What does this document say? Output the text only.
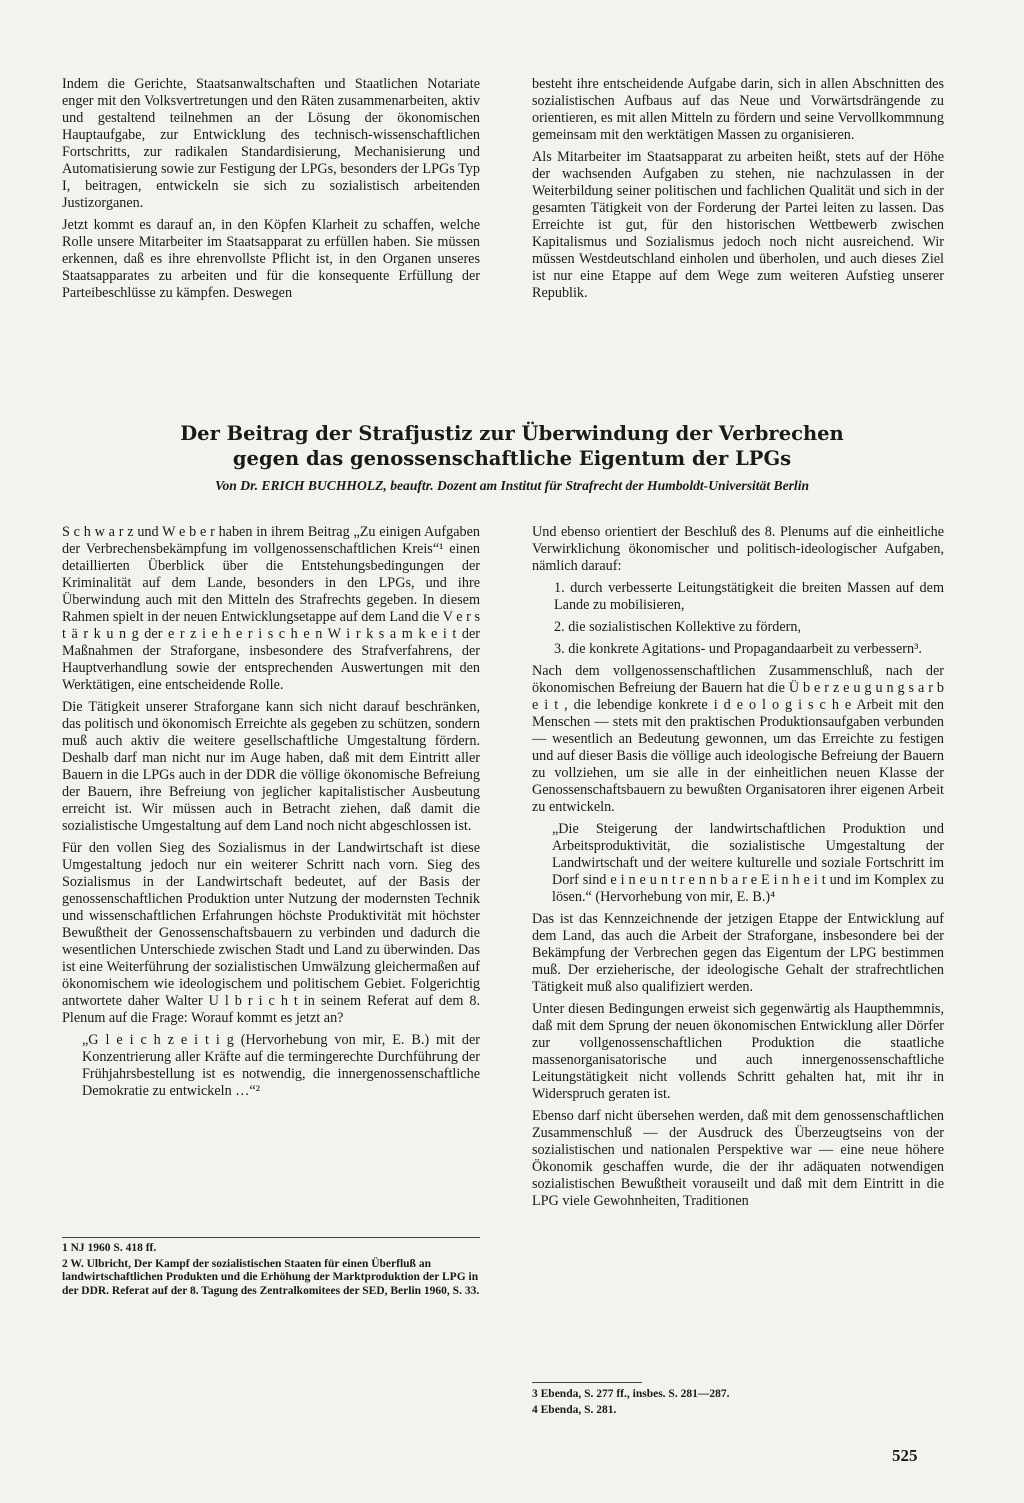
Indem die Gerichte, Staatsanwaltschaften und Staatlichen Notariate enger mit den Volksvertretungen und den Räten zusammenarbeiten, aktiv und gestaltend teilnehmen an der Lösung der ökonomischen Hauptaufgabe, zur Entwicklung des technisch-wissenschaftlichen Fortschritts, zur radikalen Standardisierung, Mechanisierung und Automatisierung sowie zur Festigung der LPGs, besonders der LPGs Typ I, beitragen, entwickeln sie sich zu sozialistisch arbeitenden Justizorganen.

Jetzt kommt es darauf an, in den Köpfen Klarheit zu schaffen, welche Rolle unsere Mitarbeiter im Staatsapparat zu erfüllen haben. Sie müssen erkennen, daß es ihre ehrenvollste Pflicht ist, in den Organen unseres Staatsapparates zu arbeiten und für die konsequente Erfüllung der Parteibeschlüsse zu kämpfen. Deswegen

besteht ihre entscheidende Aufgabe darin, sich in allen Abschnitten des sozialistischen Aufbaus auf das Neue und Vorwärtsdrängende zu orientieren, es mit allen Mitteln zu fördern und seine Vervollkommnung gemeinsam mit den werktätigen Massen zu organisieren.

Als Mitarbeiter im Staatsapparat zu arbeiten heißt, stets auf der Höhe der wachsenden Aufgaben zu stehen, nie nachzulassen in der Weiterbildung seiner politischen und fachlichen Qualität und sich in der gesamten Tätigkeit von der Forderung der Partei leiten zu lassen. Das Erreichte ist gut, für den historischen Wettbewerb zwischen Kapitalismus und Sozialismus jedoch noch nicht ausreichend. Wir müssen Westdeutschland einholen und überholen, und auch dieses Ziel ist nur eine Etappe auf dem Wege zum weiteren Aufstieg unserer Republik.

Der Beitrag der Strafjustiz zur Überwindung der Verbrechen

gegen das genossenschaftliche Eigentum der LPGs

Von Dr. ERICH BUCHHOLZ, beauftr. Dozent am Institut für Strafrecht der Humboldt-Universität Berlin

S c h w a r z und W e b e r haben in ihrem Beitrag „Zu einigen Aufgaben der Verbrechensbekämpfung im vollgenossenschaftlichen Kreis“¹ einen detaillierten Überblick über die Entstehungsbedingungen der Kriminalität auf dem Lande, besonders in den LPGs, und ihre Überwindung auch mit den Mitteln des Strafrechts gegeben. In diesem Rahmen spielt in der neuen Entwicklungsetappe auf dem Land die V e r s t ä r k u n g der e r z i e h e r i s c h e n W i r k s a m k e i t der Maßnahmen der Straforgane, insbesondere des Strafverfahrens, der Hauptverhandlung sowie der entsprechenden Auswertungen mit den Werktätigen, eine entscheidende Rolle.

Die Tätigkeit unserer Straforgane kann sich nicht darauf beschränken, das politisch und ökonomisch Erreichte als gegeben zu schützen, sondern muß auch aktiv die weitere gesellschaftliche Umgestaltung fördern. Deshalb darf man nicht nur im Auge haben, daß mit dem Eintritt aller Bauern in die LPGs auch in der DDR die völlige ökonomische Befreiung der Bauern, ihre Befreiung von jeglicher kapitalistischer Ausbeutung erreicht ist. Wir müssen auch in Betracht ziehen, daß damit die sozialistische Umgestaltung auf dem Land noch nicht abgeschlossen ist.

Für den vollen Sieg des Sozialismus in der Landwirtschaft ist diese Umgestaltung jedoch nur ein weiterer Schritt nach vorn. Sieg des Sozialismus in der Landwirtschaft bedeutet, auf der Basis der genossenschaftlichen Produktion unter Nutzung der modernsten Technik und wissenschaftlichen Erfahrungen höchste Produktivität mit höchster Bewußtheit der Genossenschaftsbauern zu verbinden und dadurch die wesentlichen Unterschiede zwischen Stadt und Land zu überwinden. Das ist eine Weiterführung der sozialistischen Umwälzung gleichermaßen auf ökonomischem wie ideologischem und politischem Gebiet. Folgerichtig antwortete daher Walter U l b r i c h t in seinem Referat auf dem 8. Plenum auf die Frage: Worauf kommt es jetzt an?

„G l e i c h z e i t i g (Hervorhebung von mir, E. B.) mit der Konzentrierung aller Kräfte auf die termingerechte Durchführung der Frühjahrsbestellung ist es notwendig, die innergenossenschaftliche Demokratie zu entwickeln …“²

Und ebenso orientiert der Beschluß des 8. Plenums auf die einheitliche Verwirklichung ökonomischer und politisch-ideologischer Aufgaben, nämlich darauf:

1. durch verbesserte Leitungstätigkeit die breiten Massen auf dem Lande zu mobilisieren,

2. die sozialistischen Kollektive zu fördern,

3. die konkrete Agitations- und Propagandaarbeit zu verbessern³.

Nach dem vollgenossenschaftlichen Zusammenschluß, nach der ökonomischen Befreiung der Bauern hat die Ü b e r z e u g u n g s a r b e i t , die lebendige konkrete i d e o l o g i s c h e Arbeit mit den Menschen — stets mit den praktischen Produktionsaufgaben verbunden — wesentlich an Bedeutung gewonnen, um das Erreichte zu festigen und auf dieser Basis die völlige auch ideologische Befreiung der Bauern zu vollziehen, um sie alle in der einheitlichen neuen Klasse der Genossenschaftsbauern zu bewußten Organisatoren ihrer eigenen Arbeit zu entwickeln.

„Die Steigerung der landwirtschaftlichen Produktion und Arbeitsproduktivität, die sozialistische Umgestaltung der Landwirtschaft und der weitere kulturelle und soziale Fortschritt im Dorf sind e i n e u n t r e n n b a r e E i n h e i t und im Komplex zu lösen.“ (Hervorhebung von mir, E. B.)⁴

Das ist das Kennzeichnende der jetzigen Etappe der Entwicklung auf dem Land, das auch die Arbeit der Straforgane, insbesondere bei der Bekämpfung der Verbrechen gegen das Eigentum der LPG bestimmen muß. Der erzieherische, der ideologische Gehalt der strafrechtlichen Tätigkeit muß also qualifiziert werden.

Unter diesen Bedingungen erweist sich gegenwärtig als Haupthemmnis, daß mit dem Sprung der neuen ökonomischen Entwicklung aller Dörfer zur vollgenossenschaftlichen Produktion die staatliche massenorganisatorische und auch innergenossenschaftliche Leitungstätigkeit nicht vollends Schritt gehalten hat, mit ihr in Widerspruch geraten ist.

Ebenso darf nicht übersehen werden, daß mit dem genossenschaftlichen Zusammenschluß — der Ausdruck des Überzeugtseins von der sozialistischen und nationalen Perspektive war — eine neue höhere Ökonomik geschaffen wurde, die der ihr adäquaten notwendigen sozialistischen Bewußtheit vorauseilt und daß mit dem Eintritt in die LPG viele Gewohnheiten, Traditionen

1 NJ 1960 S. 418 ff.

2 W. Ulbricht, Der Kampf der sozialistischen Staaten für einen Überfluß an landwirtschaftlichen Produkten und die Erhöhung der Marktproduktion der LPG in der DDR. Referat auf der 8. Tagung des Zentralkomitees der SED, Berlin 1960, S. 33.

3 Ebenda, S. 277 ff., insbes. S. 281—287.

4 Ebenda, S. 281.

525
